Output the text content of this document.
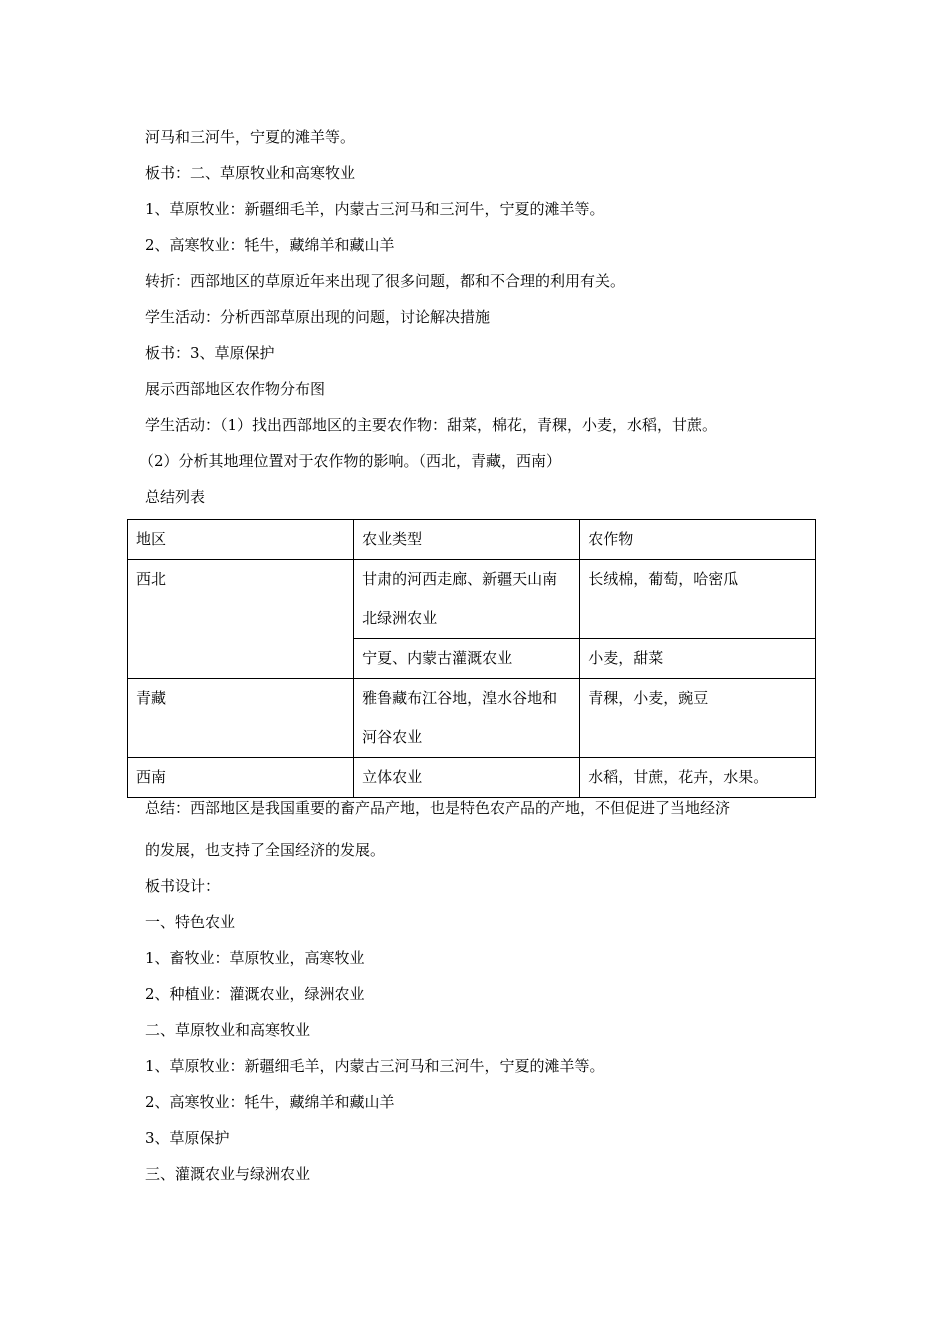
河马和三河牛，宁夏的滩羊等。
板书：二、草原牧业和高寒牧业
1、草原牧业：新疆细毛羊，内蒙古三河马和三河牛，宁夏的滩羊等。
2、高寒牧业：牦牛，藏绵羊和藏山羊
转折：西部地区的草原近年来出现了很多问题，都和不合理的利用有关。
学生活动：分析西部草原出现的问题，讨论解决措施
板书：3、草原保护
展示西部地区农作物分布图
学生活动：（1）找出西部地区的主要农作物：甜菜，棉花，青稞，小麦，水稻，甘蔗。
（2）分析其地理位置对于农作物的影响。（西北，青藏，西南）
总结列表
地区	农业类型	农作物
西北	甘肃的河西走廊、新疆天山南北绿洲农业	长绒棉，葡萄，哈密瓜
	宁夏、内蒙古灌溉农业	小麦，甜菜
青藏	雅鲁藏布江谷地，湟水谷地和河谷农业	青稞，小麦，豌豆
西南	立体农业	水稻，甘蔗，花卉，水果。
总结：西部地区是我国重要的畜产品产地，也是特色农产品的产地，不但促进了当地经济
的发展，也支持了全国经济的发展。
板书设计：
一、特色农业
1、畜牧业：草原牧业，高寒牧业
2、种植业：灌溉农业，绿洲农业
二、草原牧业和高寒牧业
1、草原牧业：新疆细毛羊，内蒙古三河马和三河牛，宁夏的滩羊等。
2、高寒牧业：牦牛，藏绵羊和藏山羊
3、草原保护
三、灌溉农业与绿洲农业
